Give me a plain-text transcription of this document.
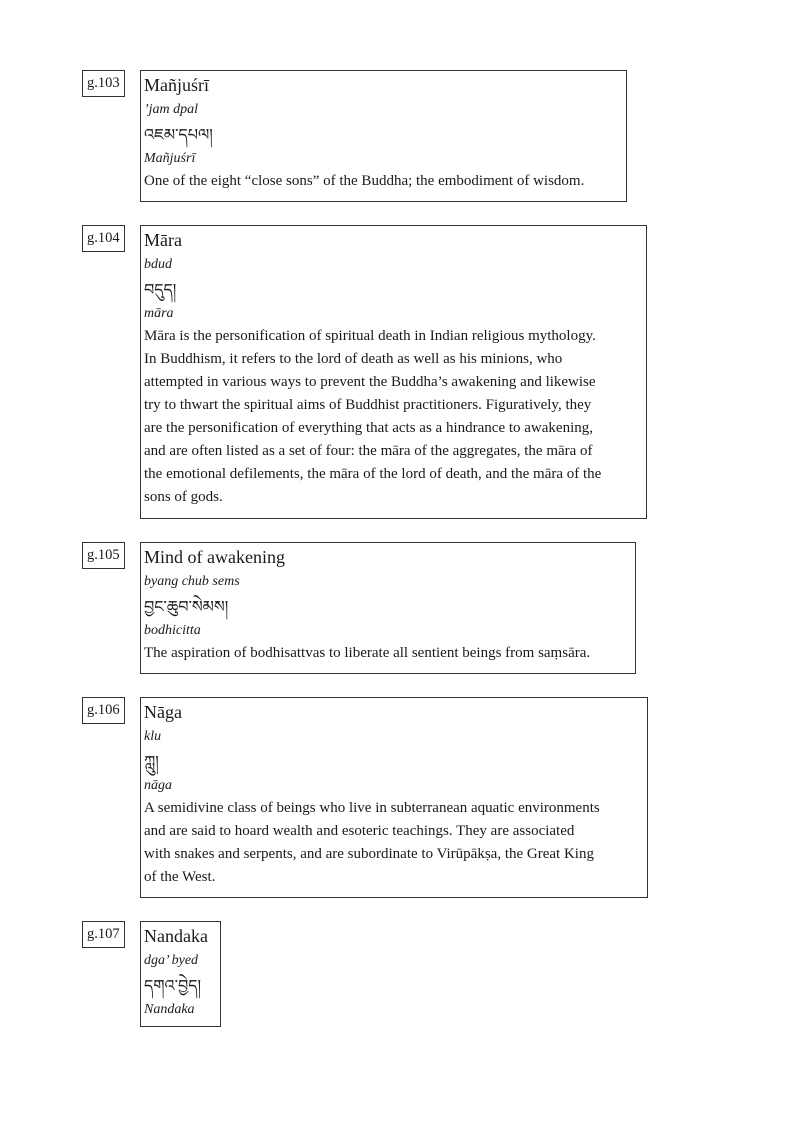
g.103 Mañjuśrī
’jam dpal
འཇམ་དཔལ།
Mañjuśrī
One of the eight “close sons” of the Buddha; the embodiment of wisdom.
g.104 Māra
bdud
བདུད།
māra
Māra is the personification of spiritual death in Indian religious mythology.
In Buddhism, it refers to the lord of death as well as his minions, who
attempted in various ways to prevent the Buddha’s awakening and likewise
try to thwart the spiritual aims of Buddhist practitioners. Figuratively, they
are the personification of everything that acts as a hindrance to awakening,
and are often listed as a set of four: the māra of the aggregates, the māra of
the emotional defilements, the māra of the lord of death, and the māra of the
sons of gods.
g.105 Mind of awakening
byang chub sems
བྱང་ཆུབ་སེམས།
bodhicitta
The aspiration of bodhisattvas to liberate all sentient beings from saṃsāra.
g.106 Nāga
klu
ཀླུ།
nāga
A semidivine class of beings who live in subterranean aquatic environments
and are said to hoard wealth and esoteric teachings. They are associated
with snakes and serpents, and are subordinate to Virūpākṣa, the Great King
of the West.
g.107 Nandaka
dga’ byed
དགའ་བྱེད།
Nandaka
